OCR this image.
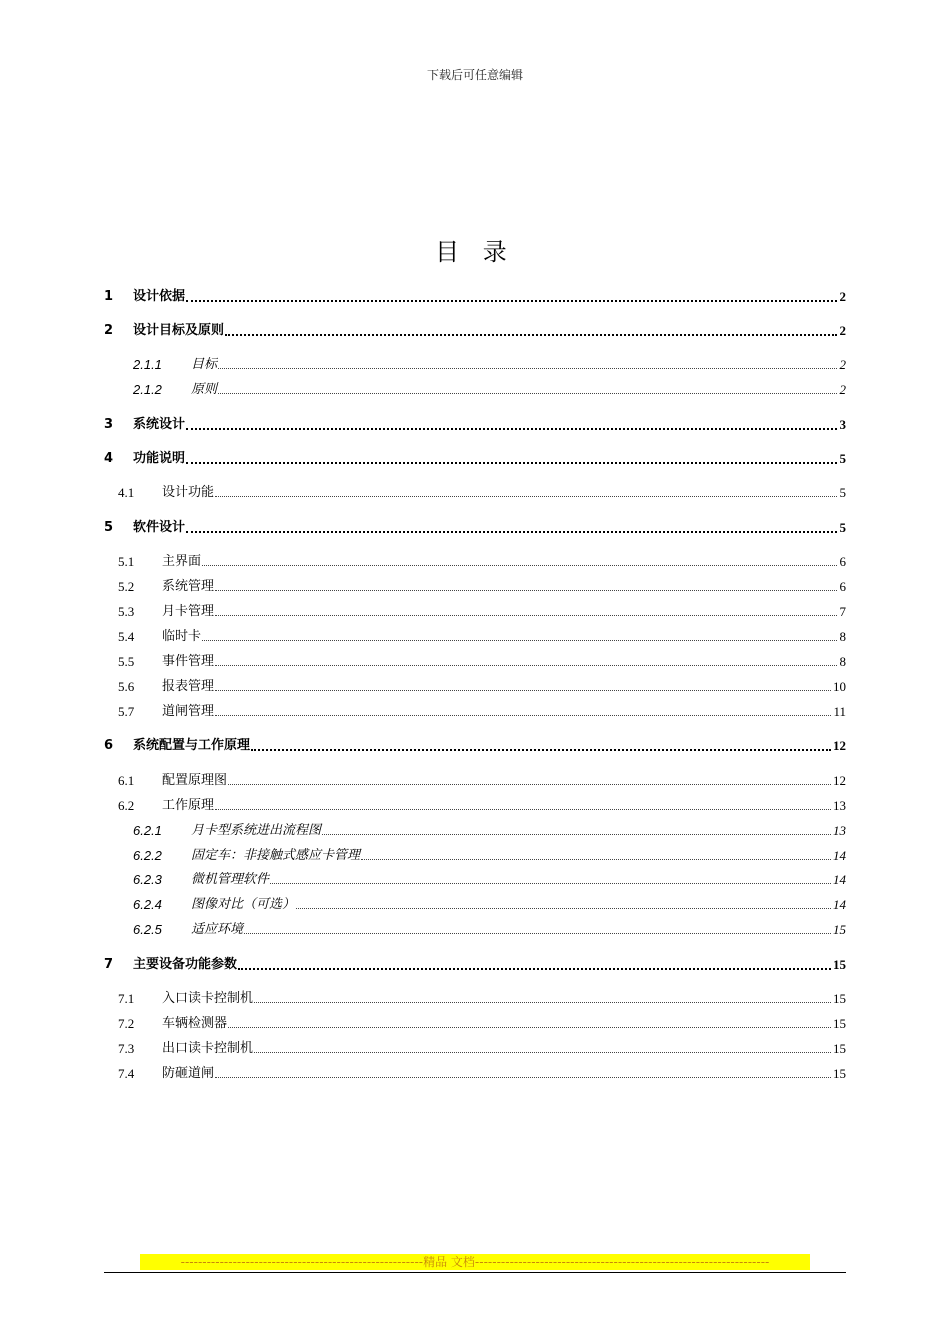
下载后可任意编辑
目 录
1 设计依据	2
2 设计目标及原则	2
2.1.1 目标	2
2.1.2 原则	2
3 系统设计	3
4 功能说明	5
4.1 设计功能	5
5 软件设计	5
5.1 主界面	6
5.2 系统管理	6
5.3 月卡管理	7
5.4 临时卡	8
5.5 事件管理	8
5.6 报表管理	10
5.7 道闸管理	11
6 系统配置与工作原理	12
6.1 配置原理图	12
6.2 工作原理	13
6.2.1 月卡型系统进出流程图	13
6.2.2 固定车：非接触式感应卡管理	14
6.2.3 微机管理软件	14
6.2.4 图像对比（可选）	14
6.2.5 适应环境	15
7 主要设备功能参数	15
7.1 入口读卡控制机	15
7.2 车辆检测器	15
7.3 出口读卡控制机	15
7.4 防砸道闸	15
--------------------------------------------------------精品 文档--------------------------------------------------------------------
